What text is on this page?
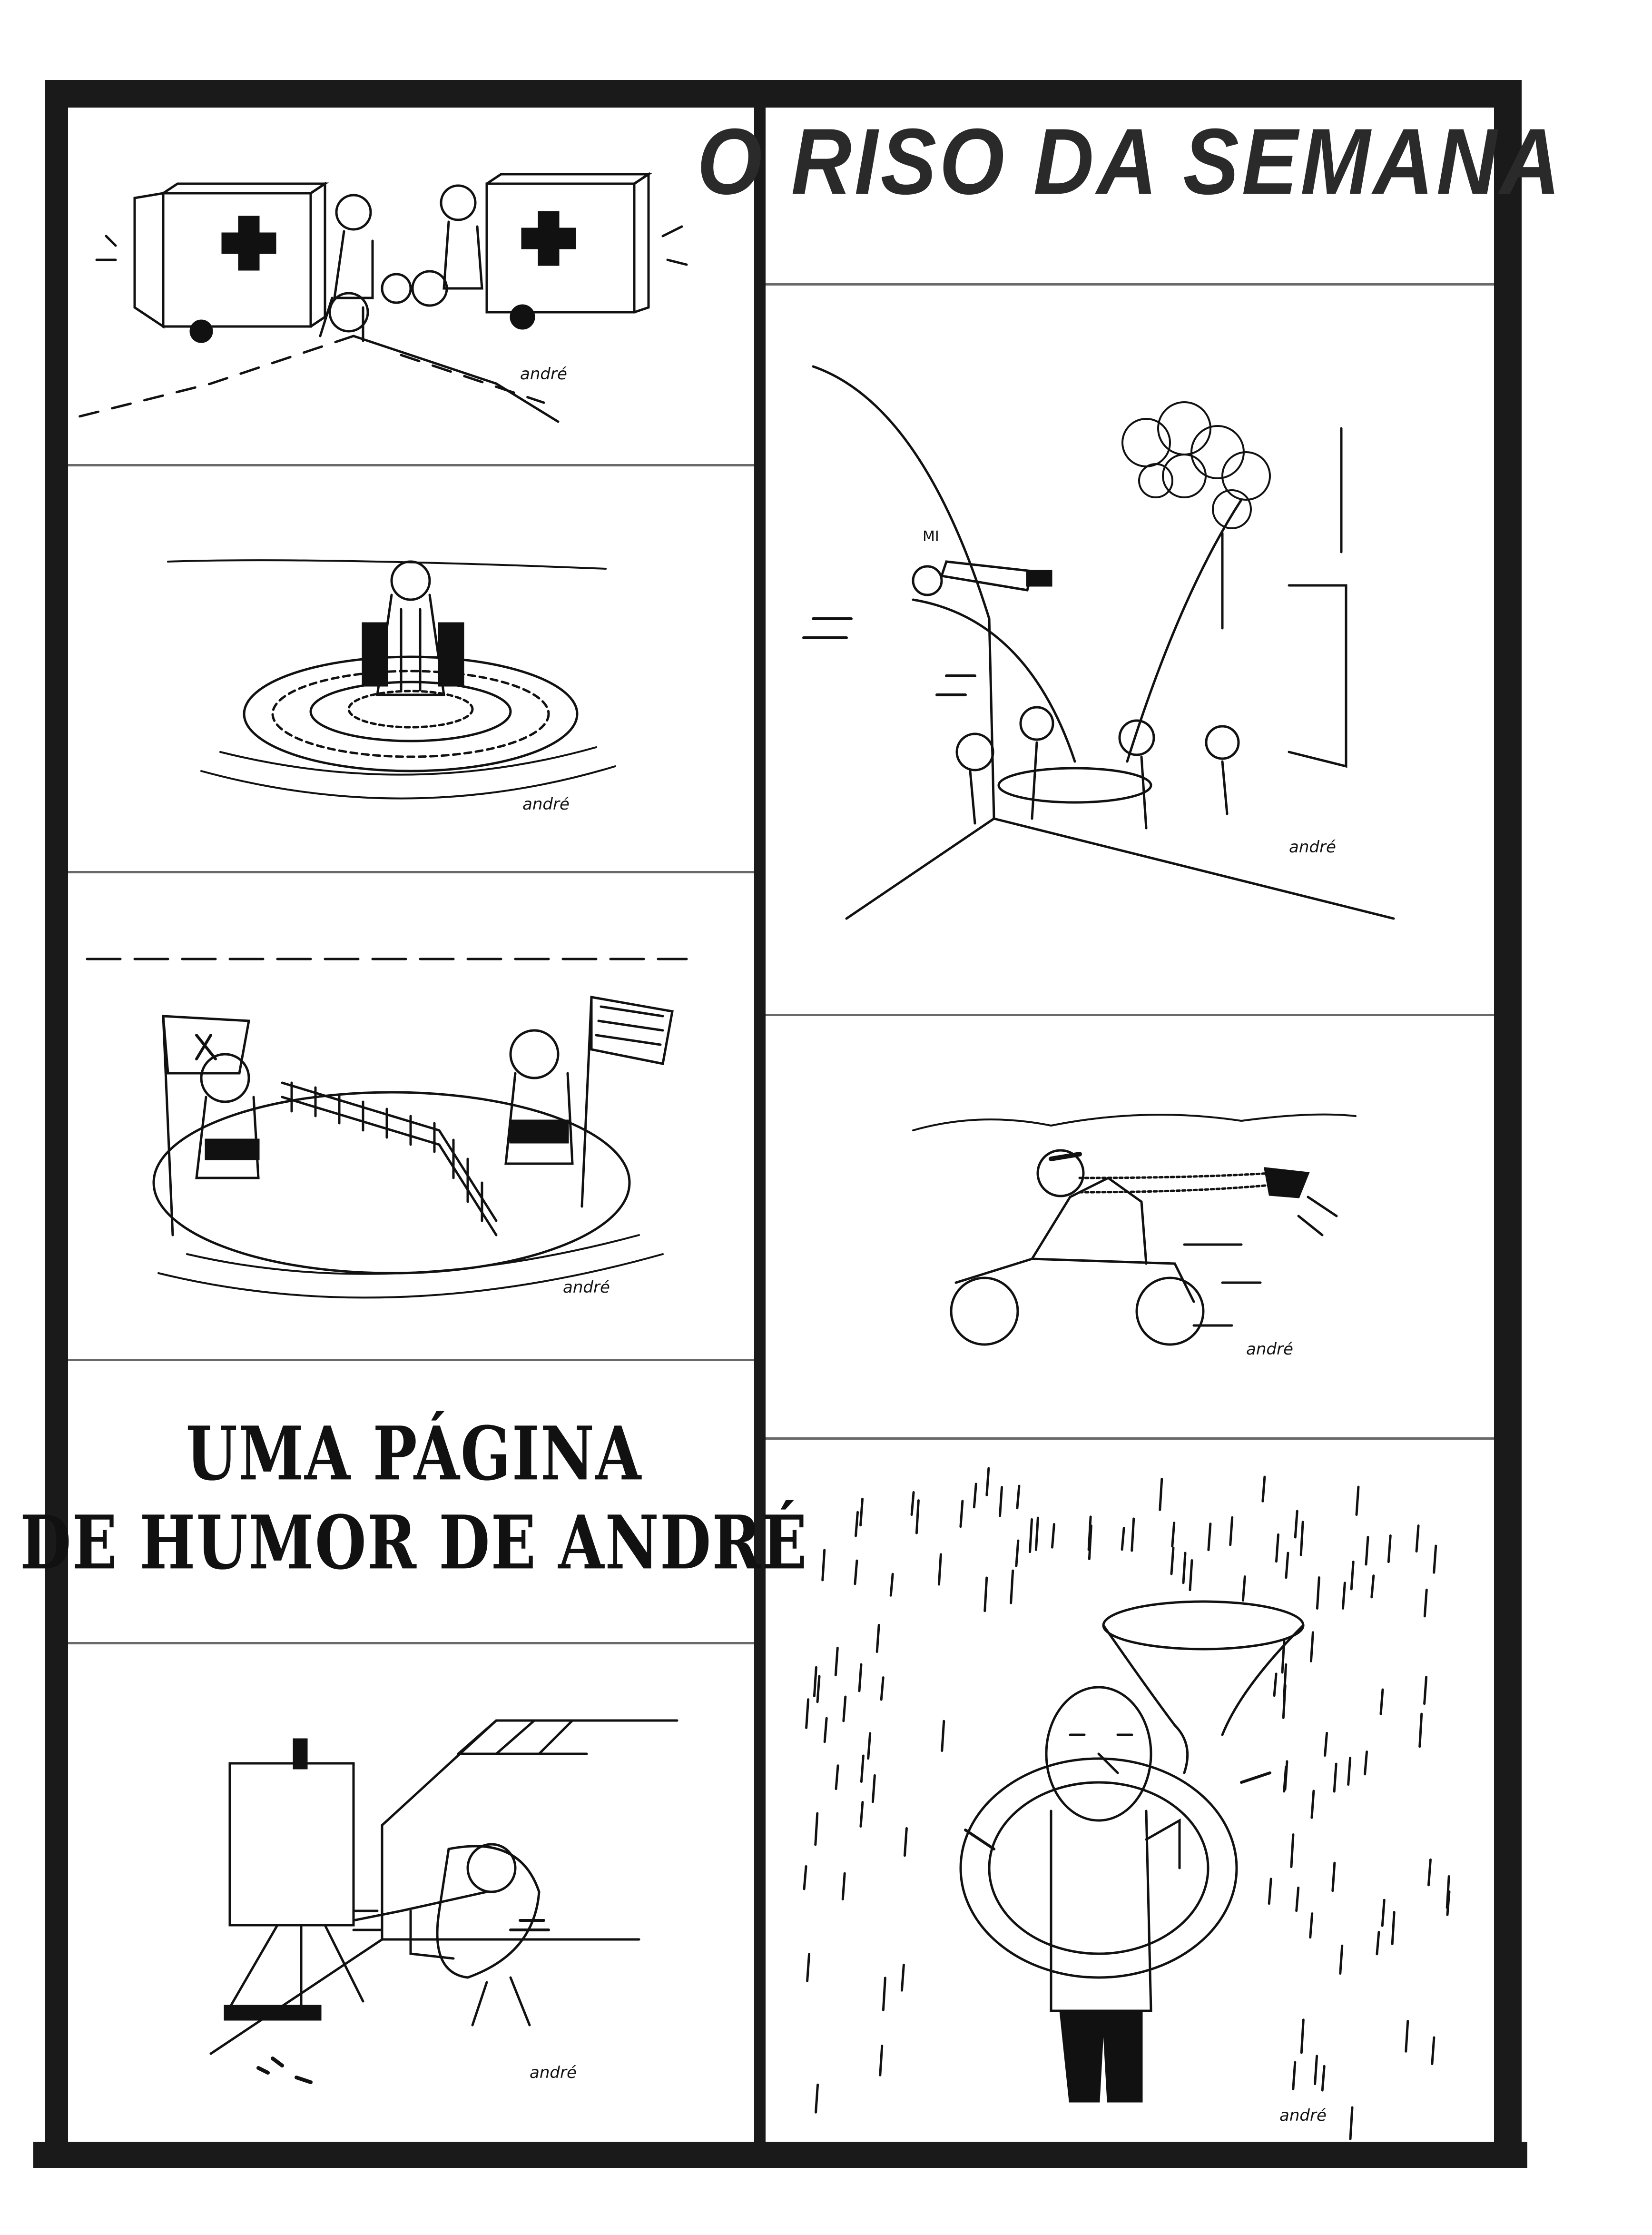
O RISO DA SEMANA
UMA PÁGINA
DE HUMOR DE ANDRÉ
andré
andré
andré
andré
MI
andré
andré
andré
